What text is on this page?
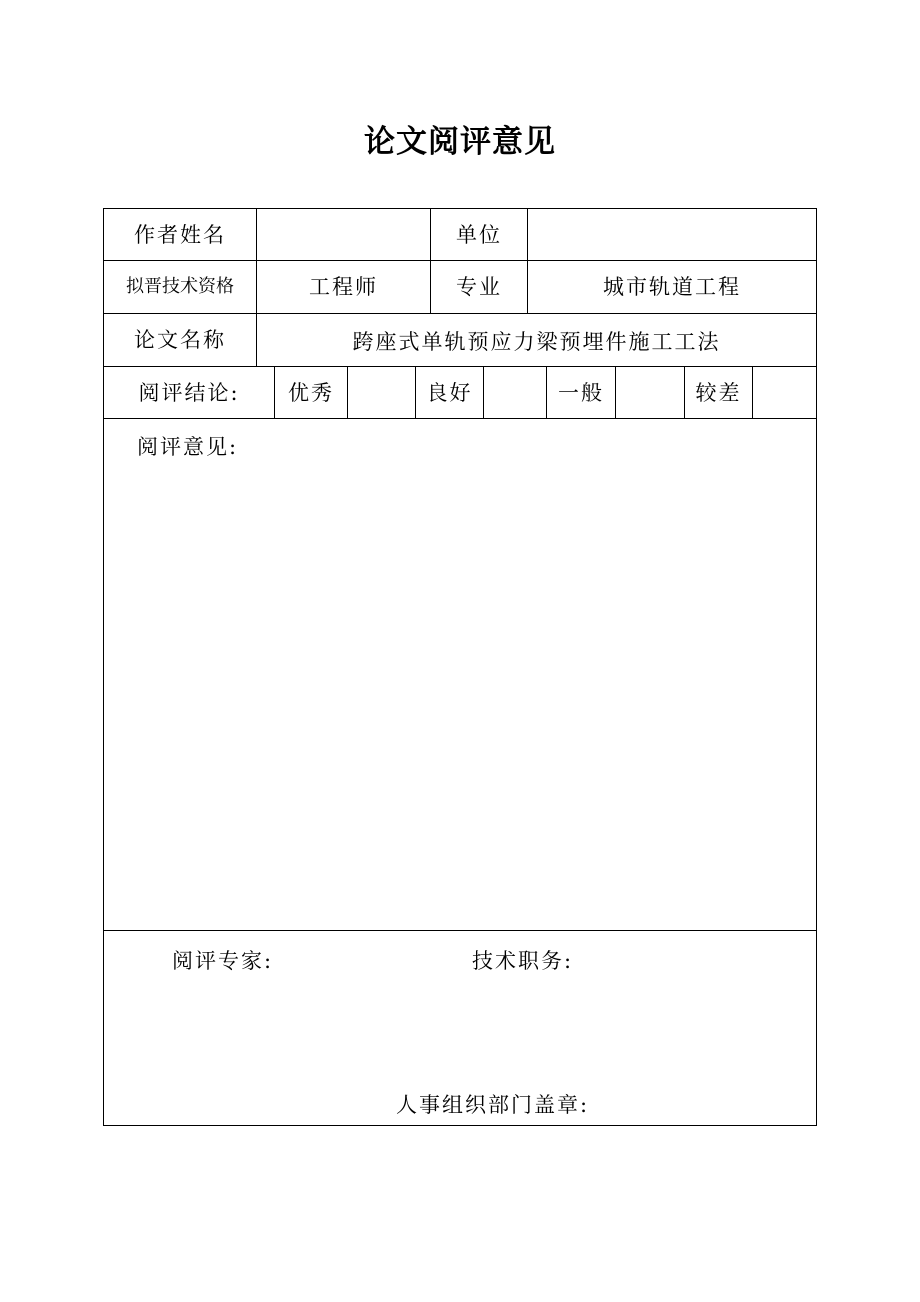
论文阅评意见
作者姓名	单位
拟晋技术资格	工程师	专业	城市轨道工程
论文名称	跨座式单轨预应力梁预埋件施工工法
阅评结论:	优秀	良好	一般	较差
阅评意见:
阅评专家:	技术职务:
人事组织部门盖章:
